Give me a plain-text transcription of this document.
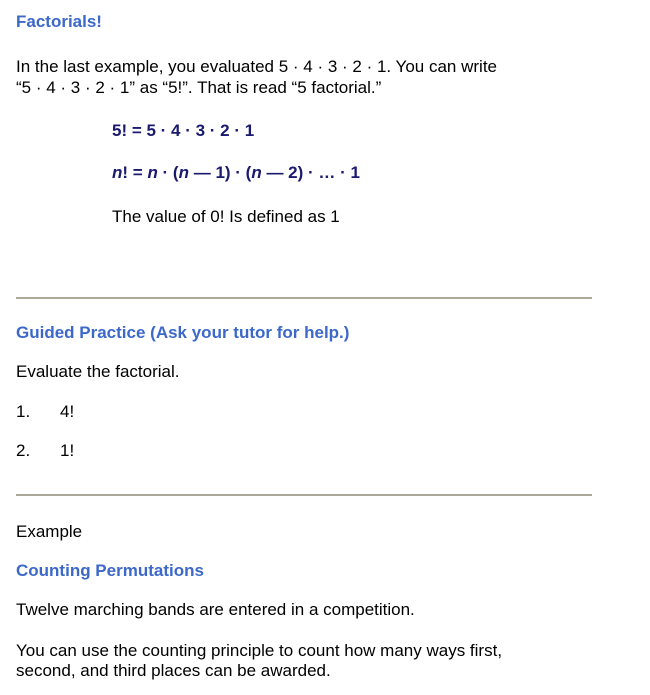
Factorials!
In the last example, you evaluated 5 · 4 · 3 · 2 · 1. You can write
“5 · 4 · 3 · 2 · 1” as “5!”. That is read “5 factorial.”
5! = 5 · 4 · 3 · 2 · 1
n! = n · (n — 1) · (n — 2) · … · 1
The value of 0! Is defined as 1
Guided Practice (Ask your tutor for help.)
Evaluate the factorial.
1. 4!
2. 1!
Example
Counting Permutations
Twelve marching bands are entered in a competition.
You can use the counting principle to count how many ways first,
second, and third places can be awarded.
